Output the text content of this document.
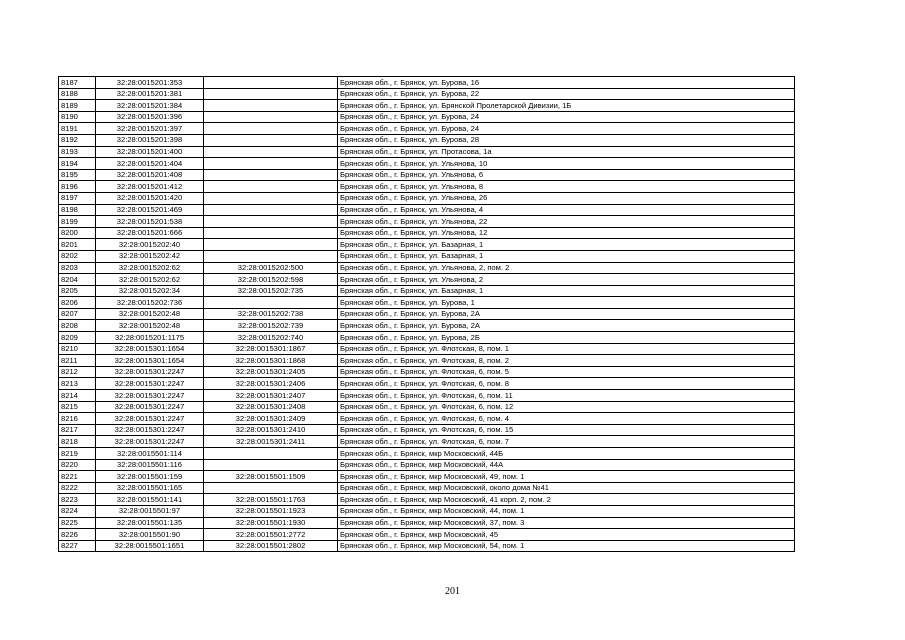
8187	32:28:0015201:353		Брянская обл., г. Брянск, ул. Бурова, 16
8188	32:28:0015201:381		Брянская обл., г. Брянск, ул. Бурова, 22
8189	32:28:0015201:384		Брянская обл., г. Брянск, ул. Брянской Пролетарской Дивизии, 1Б
8190	32:28:0015201:396		Брянская обл., г. Брянск, ул. Бурова, 24
8191	32:28:0015201:397		Брянская обл., г. Брянск, ул. Бурова, 24
8192	32:28:0015201:398		Брянская обл., г. Брянск, ул. Бурова, 28
8193	32:28:0015201:400		Брянская обл., г. Брянск, ул. Протасова, 1а
8194	32:28:0015201:404		Брянская обл., г. Брянск, ул. Ульянова, 10
8195	32:28:0015201:408		Брянская обл., г. Брянск, ул. Ульянова, 6
8196	32:28:0015201:412		Брянская обл., г. Брянск, ул. Ульянова, 8
8197	32:28:0015201:420		Брянская обл., г. Брянск, ул. Ульянова, 26
8198	32:28:0015201:469		Брянская обл., г. Брянск, ул. Ульянова, 4
8199	32:28:0015201:538		Брянская обл., г. Брянск, ул. Ульянова, 22
8200	32:28:0015201:666		Брянская обл., г. Брянск, ул. Ульянова, 12
8201	32:28:0015202:40		Брянская обл., г. Брянск, ул. Базарная, 1
8202	32:28:0015202:42		Брянская обл., г. Брянск, ул. Базарная, 1
8203	32:28:0015202:62	32:28:0015202:500	Брянская обл., г. Брянск, ул. Ульянова, 2, пом. 2
8204	32:28:0015202:62	32:28:0015202:598	Брянская обл., г. Брянск, ул. Ульянова, 2
8205	32:28:0015202:34	32:28:0015202:735	Брянская обл., г. Брянск, ул. Базарная, 1
8206	32:28:0015202:736		Брянская обл., г. Брянск, ул. Бурова, 1
8207	32:28:0015202:48	32:28:0015202:738	Брянская обл., г. Брянск, ул. Бурова, 2А
8208	32:28:0015202:48	32:28:0015202:739	Брянская обл., г. Брянск, ул. Бурова, 2А
8209	32:28:0015201:1175	32:28:0015202:740	Брянская обл., г. Брянск, ул. Бурова, 2Б
8210	32:28:0015301:1654	32:28:0015301:1867	Брянская обл., г. Брянск, ул. Флотская, 8, пом. 1
8211	32:28:0015301:1654	32:28:0015301:1868	Брянская обл., г. Брянск, ул. Флотская, 8, пом. 2
8212	32:28:0015301:2247	32:28:0015301:2405	Брянская обл., г. Брянск, ул. Флотская, 6, пом. 5
8213	32:28:0015301:2247	32:28:0015301:2406	Брянская обл., г. Брянск, ул. Флотская, 6, пом. 8
8214	32:28:0015301:2247	32:28:0015301:2407	Брянская обл., г. Брянск, ул. Флотская, 6, пом. 11
8215	32:28:0015301:2247	32:28:0015301:2408	Брянская обл., г. Брянск, ул. Флотская, 6, пом. 12
8216	32:28:0015301:2247	32:28:0015301:2409	Брянская обл., г. Брянск, ул. Флотская, 6, пом. 4
8217	32:28:0015301:2247	32:28:0015301:2410	Брянская обл., г. Брянск, ул. Флотская, 6, пом. 15
8218	32:28:0015301:2247	32:28:0015301:2411	Брянская обл., г. Брянск, ул. Флотская, 6, пом. 7
8219	32:28:0015501:114		Брянская обл., г. Брянск, мкр Московский, 44Б
8220	32:28:0015501:116		Брянская обл., г. Брянск, мкр Московский, 44А
8221	32:28:0015501:159	32:28:0015501:1509	Брянская обл., г. Брянск, мкр Московский, 49, пом. 1
8222	32:28:0015501:165		Брянская обл., г. Брянск, мкр Московский, около дома №41
8223	32:28:0015501:141	32:28:0015501:1763	Брянская обл., г. Брянск, мкр Московский, 41 корп. 2, пом. 2
8224	32:28:0015501:97	32:28:0015501:1923	Брянская обл., г. Брянск, мкр Московский, 44, пом. 1
8225	32:28:0015501:135	32:28:0015501:1930	Брянская обл., г. Брянск, мкр Московский, 37, пом. 3
8226	32:28:0015501:90	32:28:0015501:2772	Брянская обл., г. Брянск, мкр Московский, 45
8227	32:28:0015501:1651	32:28:0015501:2802	Брянская обл., г. Брянск, мкр Московский, 54, пом. 1
201
